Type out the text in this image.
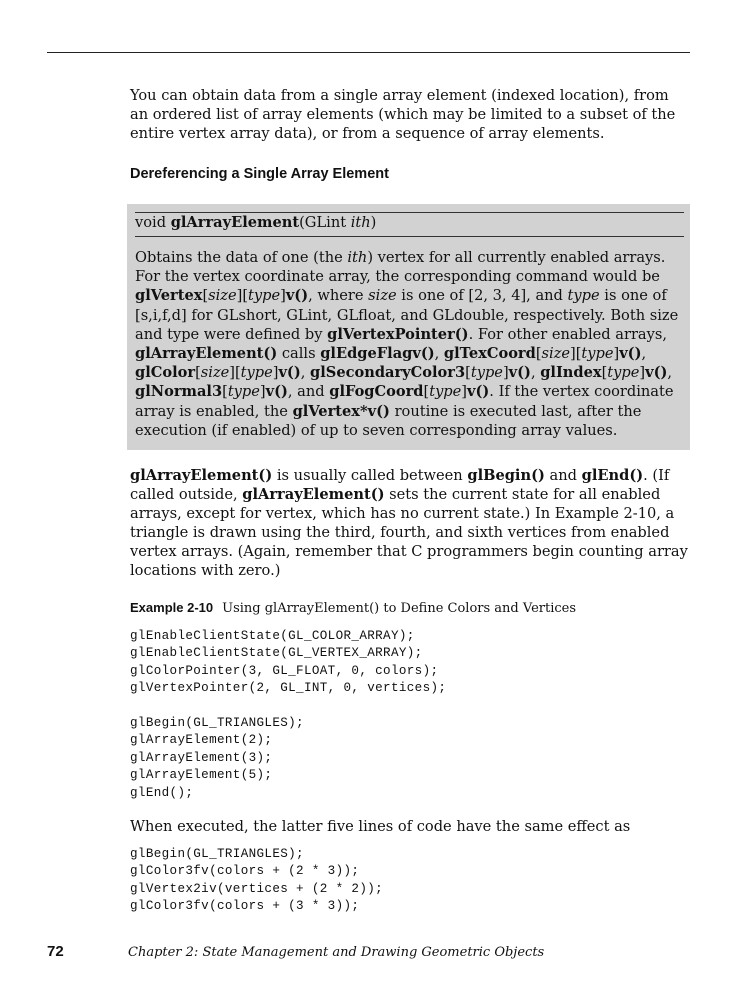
You can obtain data from a single array element (indexed location), from an ordered list of array elements (which may be limited to a subset of the entire vertex array data), or from a sequence of array elements.

Dereferencing a Single Array Element
void glArrayElement(GLint ith)
Obtains the data of one (the ith) vertex for all currently enabled arrays.
For the vertex coordinate array, the corresponding command would be
glVertex[size][type]v(), where size is one of [2, 3, 4], and type is one of
[s,i,f,d] for GLshort, GLint, GLfloat, and GLdouble, respectively. Both size
and type were defined by glVertexPointer(). For other enabled arrays,
glArrayElement() calls glEdgeFlagv(), glTexCoord[size][type]v(),
glColor[size][type]v(), glSecondaryColor3[type]v(), glIndex[type]v(),
glNormal3[type]v(), and glFogCoord[type]v(). If the vertex coordinate
array is enabled, the glVertex*v() routine is executed last, after the
execution (if enabled) of up to seven corresponding array values.

glArrayElement() is usually called between glBegin() and glEnd(). (If called outside, glArrayElement() sets the current state for all enabled arrays, except for vertex, which has no current state.) In Example 2-10, a triangle is drawn using the third, fourth, and sixth vertices from enabled vertex arrays. (Again, remember that C programmers begin counting array locations with zero.)

Example 2-10 Using glArrayElement() to Define Colors and Vertices
glEnableClientState(GL_COLOR_ARRAY);
glEnableClientState(GL_VERTEX_ARRAY);
glColorPointer(3, GL_FLOAT, 0, colors);
glVertexPointer(2, GL_INT, 0, vertices);
glBegin(GL_TRIANGLES);
glArrayElement(2);
glArrayElement(3);
glArrayElement(5);
glEnd();

When executed, the latter five lines of code have the same effect as

glBegin(GL_TRIANGLES);
glColor3fv(colors + (2 * 3));
glVertex2iv(vertices + (2 * 2));
glColor3fv(colors + (3 * 3));
72	Chapter 2: State Management and Drawing Geometric Objects
